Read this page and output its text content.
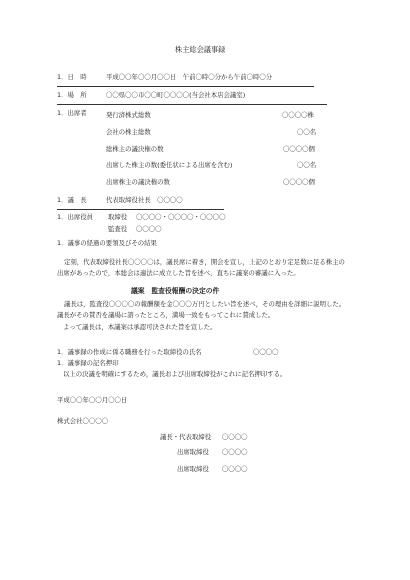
株主総会議事録
1．日　時	平成〇〇年〇〇月〇〇日　午前〇時〇分から午前〇時〇分
1．場　所	〇〇県〇〇市〇〇町〇〇〇〇(当会社本店会議室)
1．出席者	発行済株式総数	〇〇〇〇株
会社の株主総数	〇〇名
総株主の議決権の数	〇〇〇〇個
出席した株主の数(委任状による出席を含む)	〇〇名
出席株主の議決権の数	〇〇〇〇個
1．議　長	代表取締役社長　〇〇〇〇
1．出席役員 取締役 〇〇〇〇・〇〇〇〇・〇〇〇〇
監査役 〇〇〇〇
1．議事の経過の要領及びその結果
定刻，代表取締役社長〇〇〇〇は，議長席に着き，開会を宣し，上記のとおり定足数に足る株主の出席があったので，本総会は適法に成立した旨を述べ，直ちに議案の審議に入った。
議案　監査役報酬の決定の件
議長は，監査役〇〇〇〇の報酬額を金〇〇〇万円としたい旨を述べ，その理由を詳細に説明した。議長がその賛否を議場に諮ったところ，満場一致をもってこれに賛成した。
よって議長は，本議案は承認可決された旨を宣した。
1．議事録の作成に係る職務を行った取締役の氏名	〇〇〇〇
1．議事録の記名押印
以上の決議を明確にするため，議長および出席取締役がこれに記名押印する。
平成〇〇年〇〇月〇〇日
株式会社〇〇〇〇
議長・代表取締役 〇〇〇〇
出席取締役 〇〇〇〇
出席取締役 〇〇〇〇
